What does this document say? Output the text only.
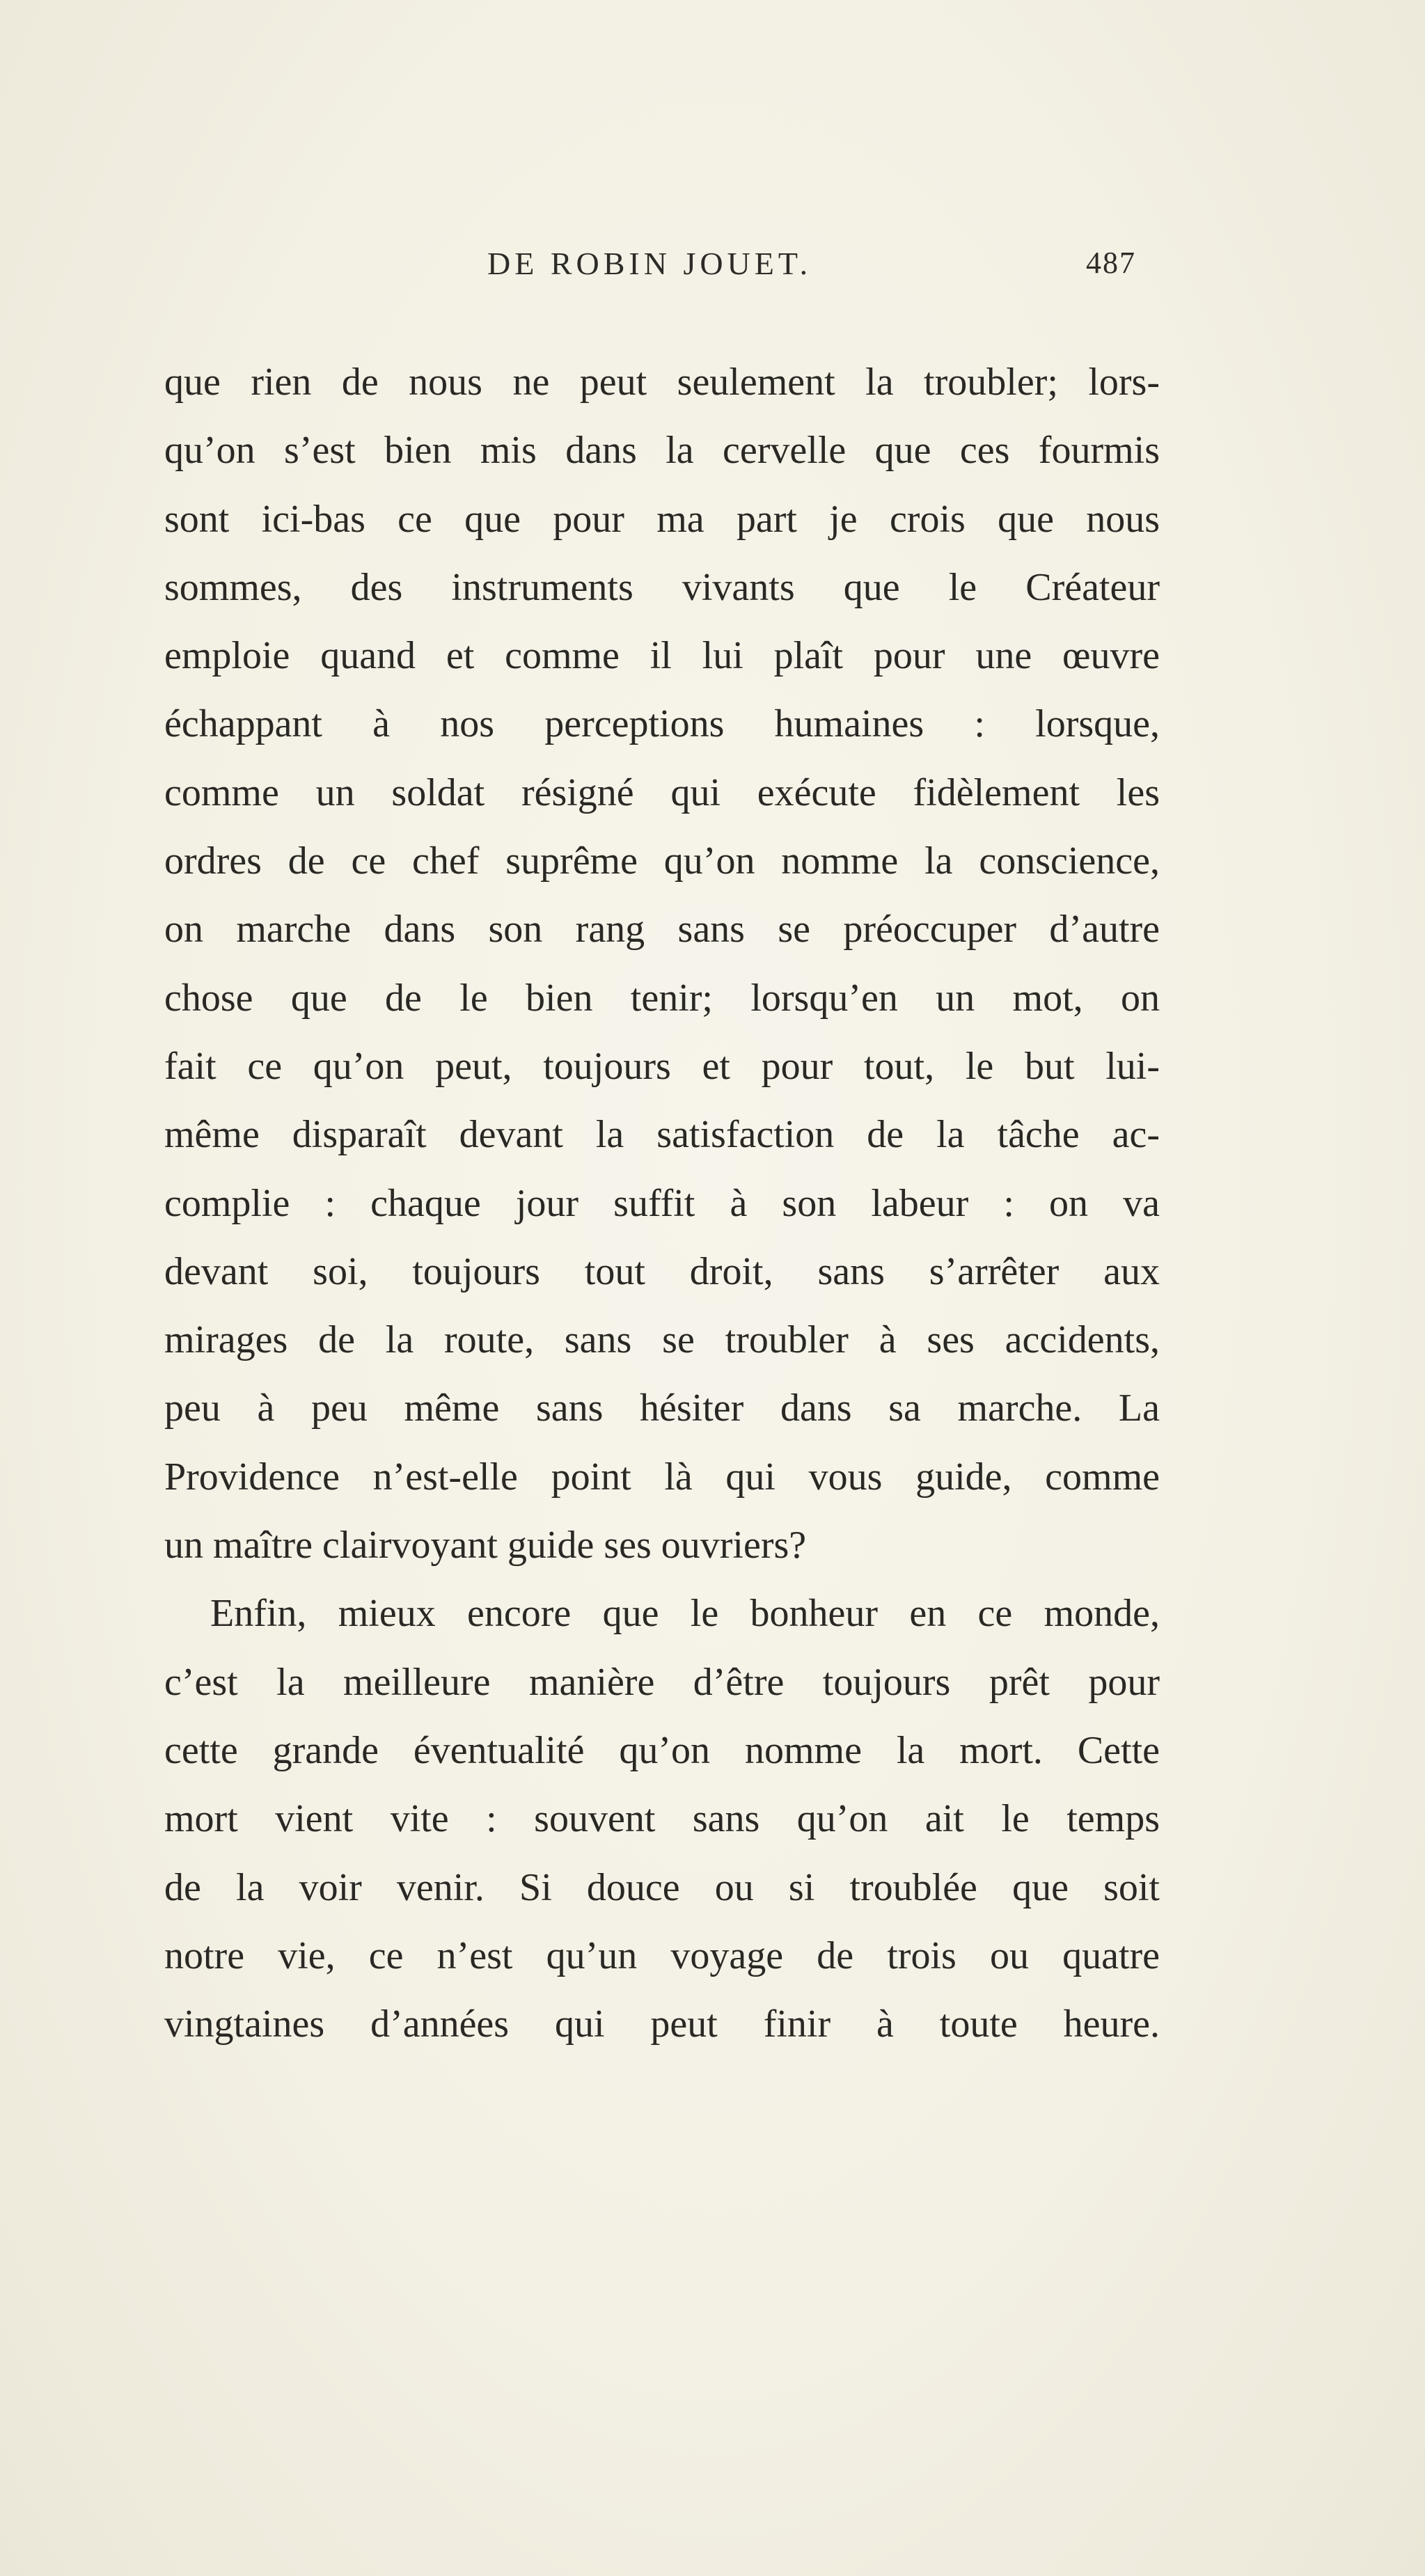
DE ROBIN JOUET.	487
que rien de nous ne peut seulement la troubler; lors-
qu’on s’est bien mis dans la cervelle que ces fourmis
sont ici-bas ce que pour ma part je crois que nous
sommes, des instruments vivants que le Créateur
emploie quand et comme il lui plaît pour une œuvre
échappant à nos perceptions humaines : lorsque,
comme un soldat résigné qui exécute fidèlement les
ordres de ce chef suprême qu’on nomme la conscience,
on marche dans son rang sans se préoccuper d’autre
chose que de le bien tenir; lorsqu’en un mot, on
fait ce qu’on peut, toujours et pour tout, le but lui-
même disparaît devant la satisfaction de la tâche ac-
complie : chaque jour suffit à son labeur : on va
devant soi, toujours tout droit, sans s’arrêter aux
mirages de la route, sans se troubler à ses accidents,
peu à peu même sans hésiter dans sa marche. La
Providence n’est-elle point là qui vous guide, comme
un maître clairvoyant guide ses ouvriers?
Enfin, mieux encore que le bonheur en ce monde,
c’est la meilleure manière d’être toujours prêt pour
cette grande éventualité qu’on nomme la mort. Cette
mort vient vite : souvent sans qu’on ait le temps
de la voir venir. Si douce ou si troublée que soit
notre vie, ce n’est qu’un voyage de trois ou quatre
vingtaines d’années qui peut finir à toute heure.
